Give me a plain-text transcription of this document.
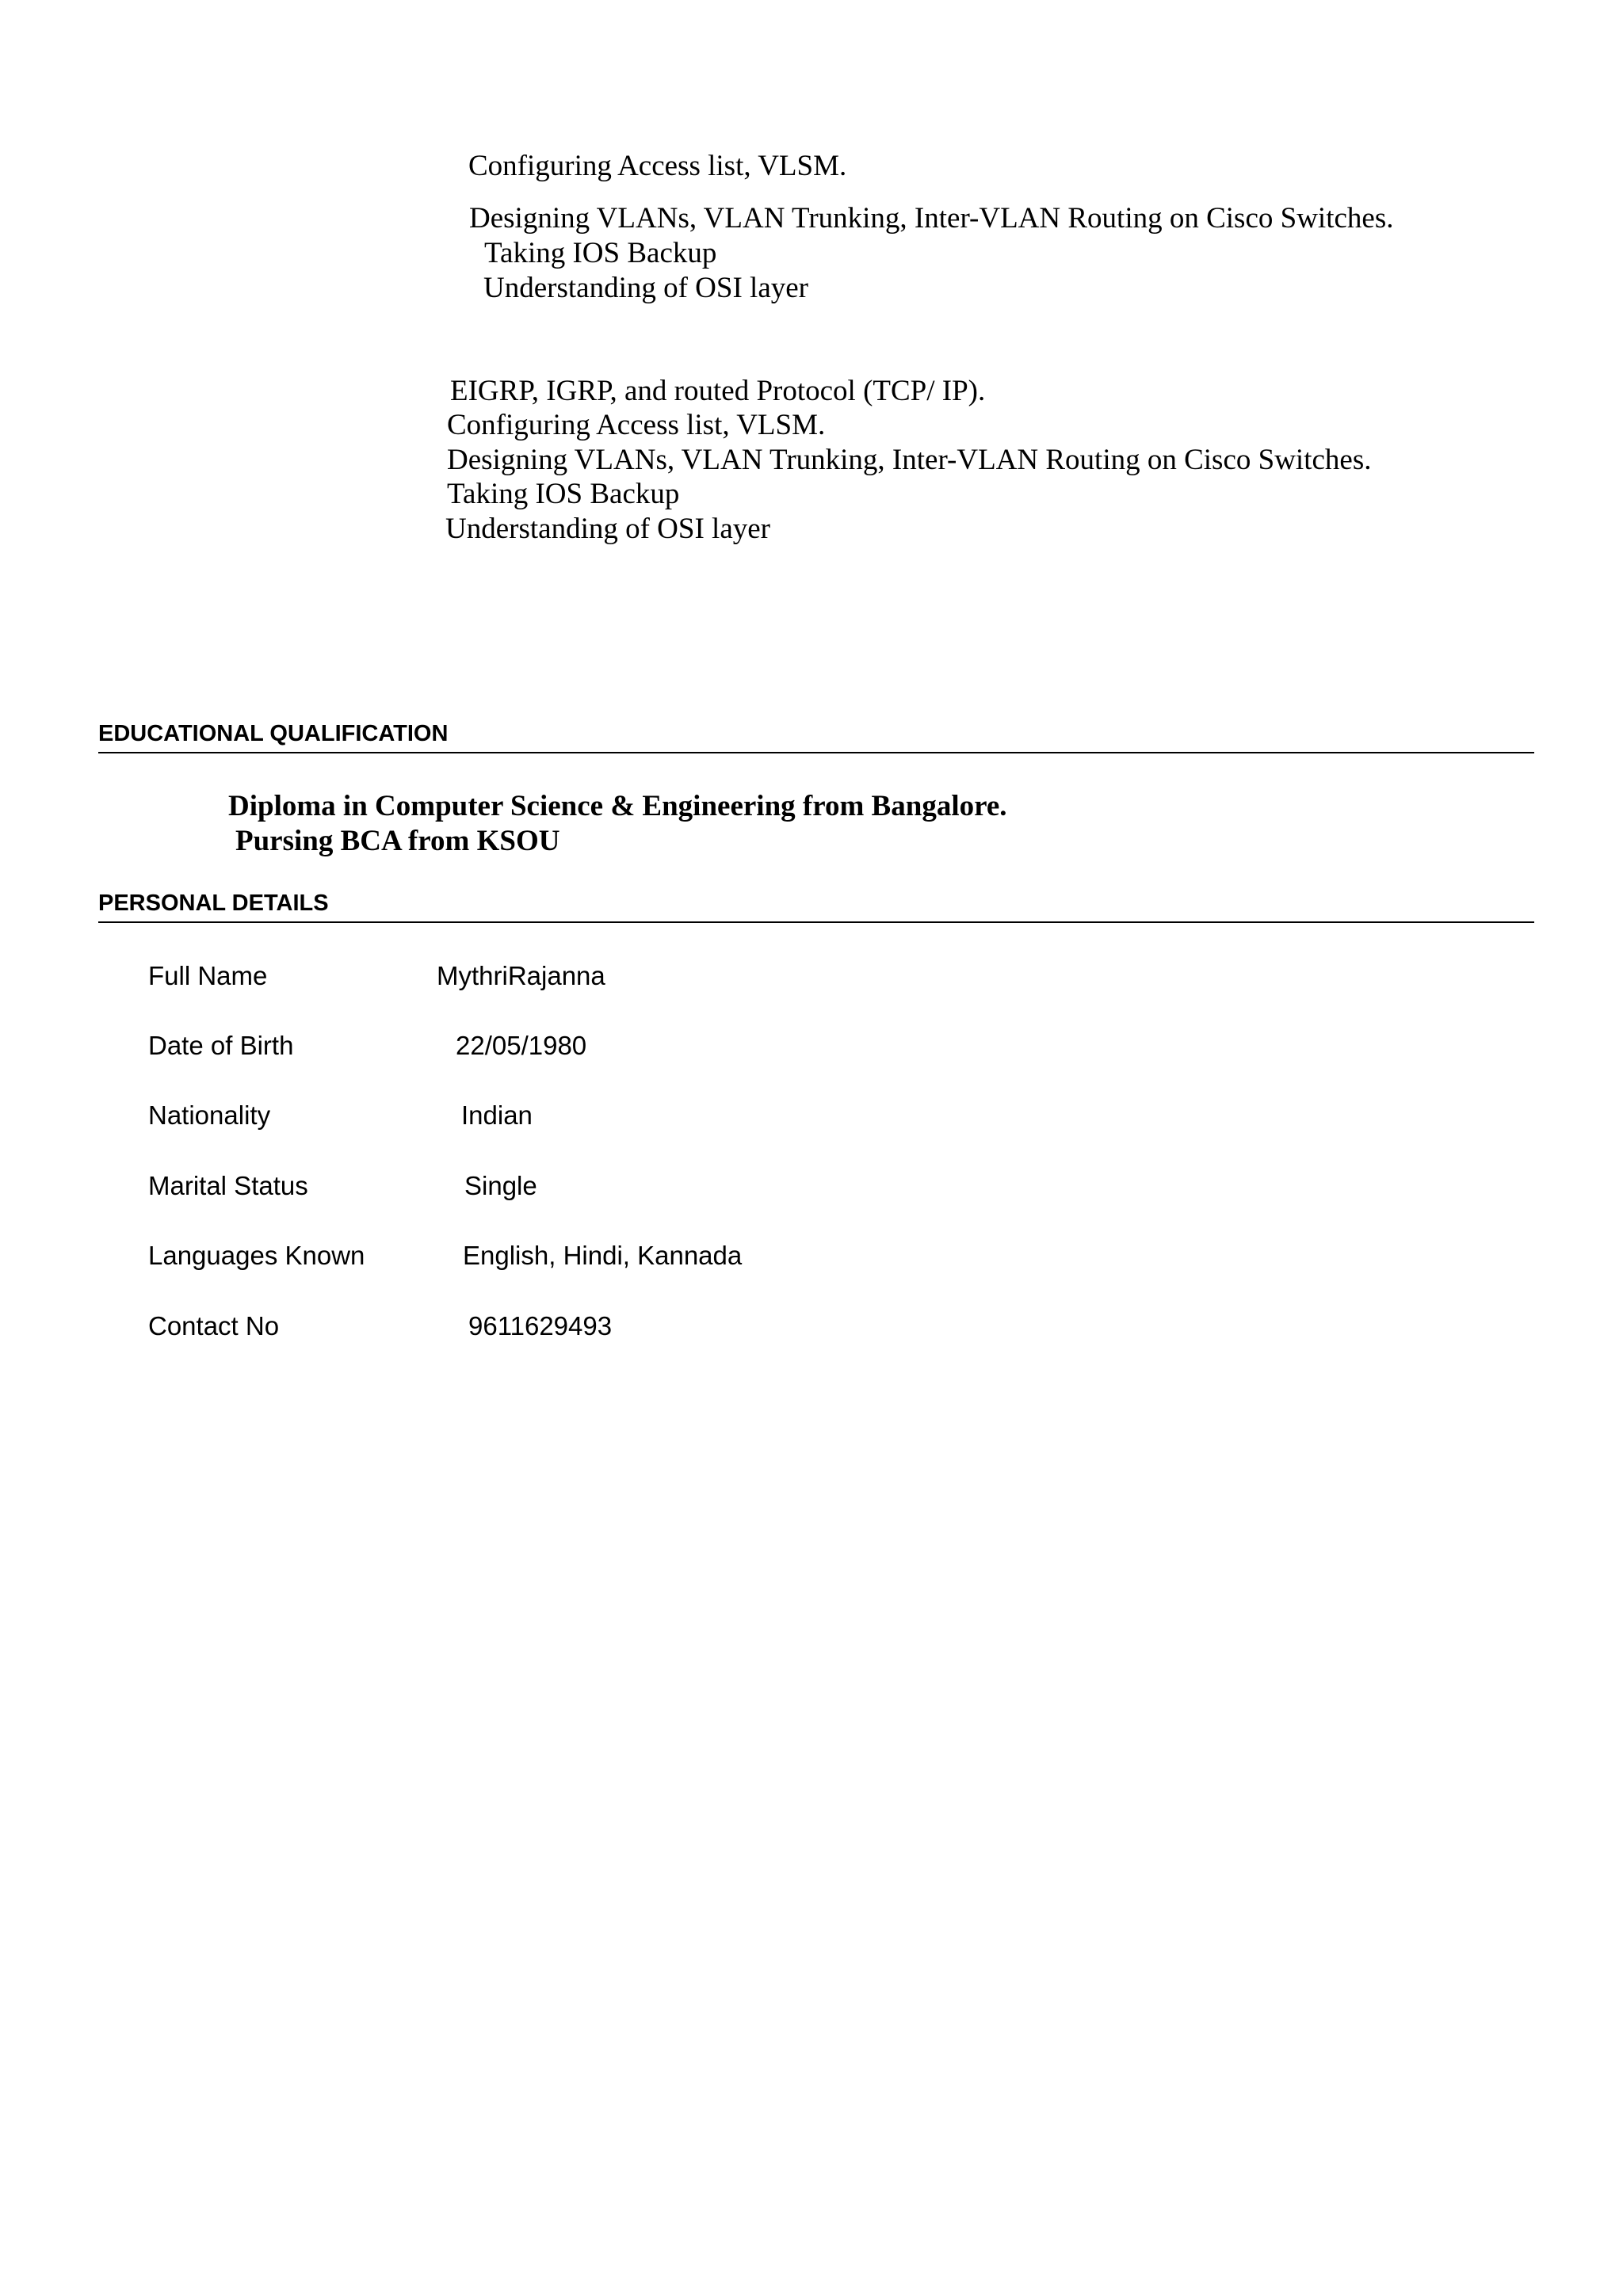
Configuring Access list, VLSM.
Designing VLANs, VLAN Trunking, Inter-VLAN Routing on Cisco Switches.
Taking IOS Backup
Understanding of OSI layer
EIGRP, IGRP, and routed Protocol (TCP/ IP).
Configuring Access list, VLSM.
Designing VLANs, VLAN Trunking, Inter-VLAN Routing on Cisco Switches.
Taking IOS Backup
Understanding of OSI layer
EDUCATIONAL QUALIFICATION
Diploma in Computer Science & Engineering from Bangalore.
Pursing BCA from KSOU
PERSONAL DETAILS
Full Name	MythriRajanna
Date of Birth	22/05/1980
Nationality	Indian
Marital Status	Single
Languages Known	English, Hindi, Kannada
Contact No	9611629493
